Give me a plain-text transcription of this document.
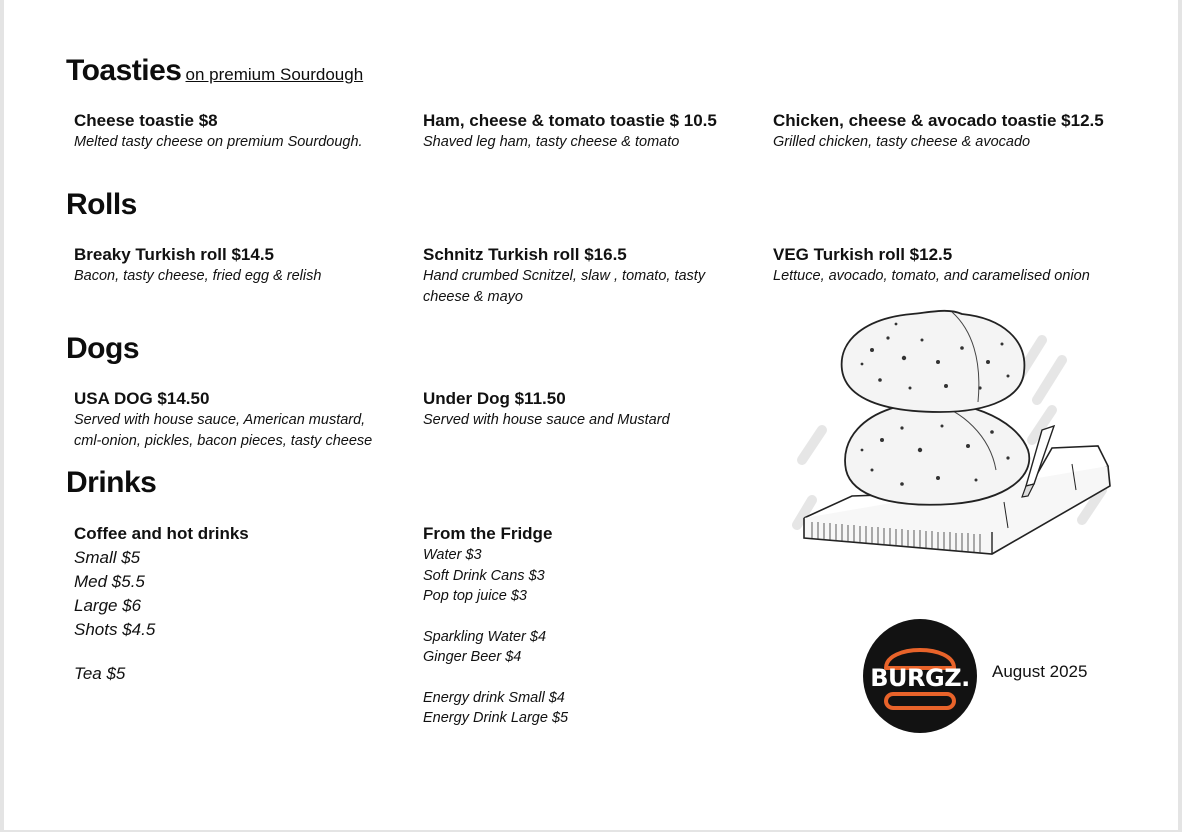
Toasties on premium Sourdough
Cheese toastie $8
Melted tasty cheese on premium Sourdough.
Ham, cheese & tomato toastie $ 10.5
Shaved leg ham, tasty cheese & tomato
Chicken, cheese & avocado toastie $12.5
Grilled chicken, tasty cheese & avocado
Rolls
Breaky Turkish roll $14.5
Bacon, tasty cheese, fried egg & relish
Schnitz Turkish roll $16.5
Hand crumbed Scnitzel, slaw , tomato, tasty cheese & mayo
VEG Turkish roll $12.5
Lettuce, avocado, tomato, and caramelised onion
Dogs
USA DOG $14.50
Served with house sauce, American mustard, cml-onion, pickles, bacon pieces, tasty cheese
Under Dog $11.50
Served with house sauce and Mustard
Drinks
Coffee and hot drinks
Small $5
Med $5.5
Large $6
Shots $4.5
Tea $5
From the Fridge
Water $3
Soft Drink Cans $3
Pop top juice $3
Sparkling Water $4
Ginger Beer $4
Energy drink Small $4
Energy Drink Large $5
BURGZ. August 2025
